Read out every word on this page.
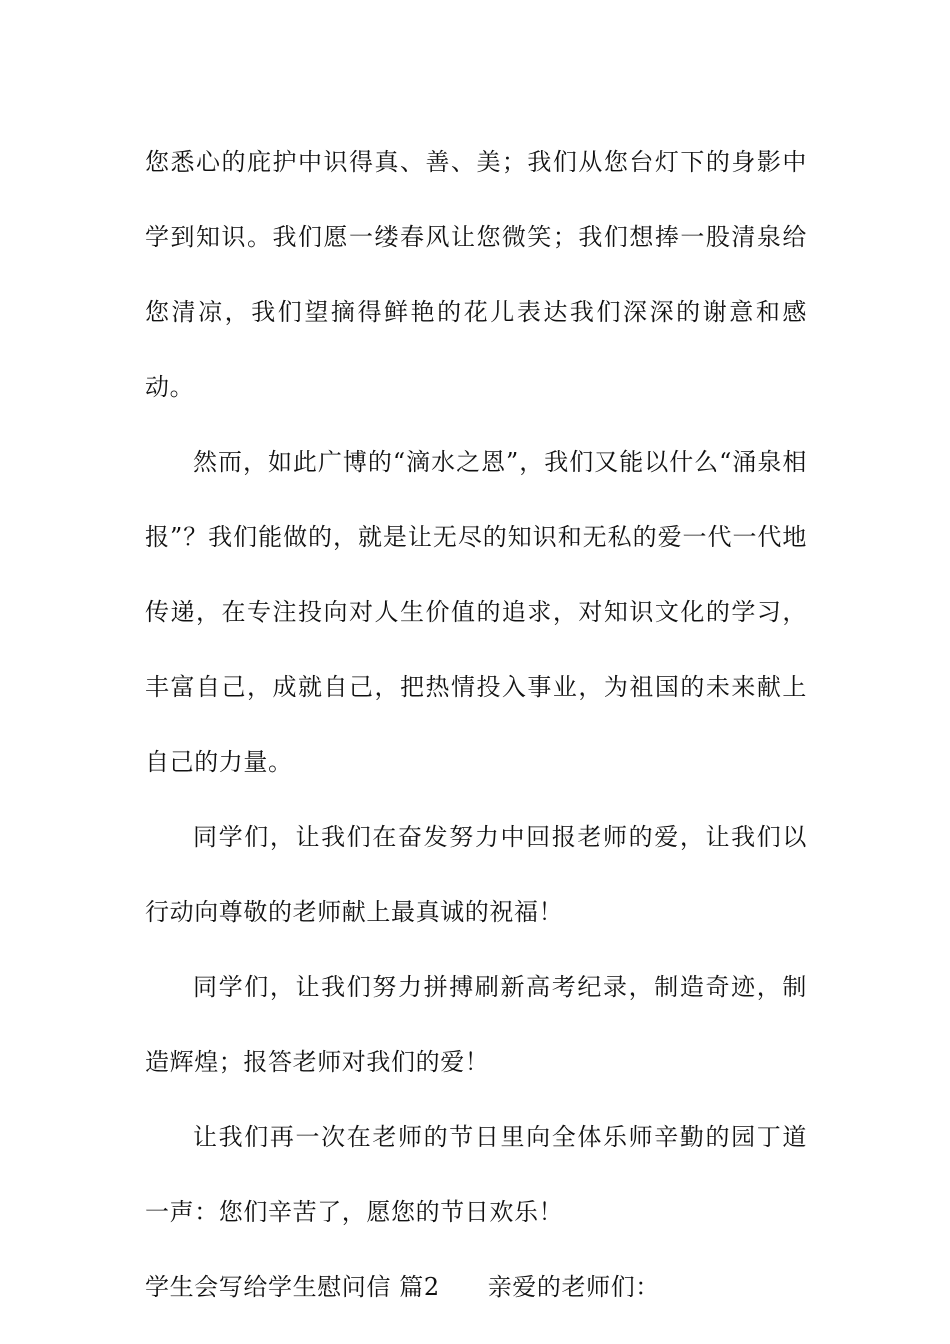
您悉心的庇护中识得真、善、美；我们从您台灯下的身影中学到知识。我们愿一缕春风让您微笑；我们想捧一股清泉给您清凉，我们望摘得鲜艳的花儿表达我们深深的谢意和感动。

然而，如此广博的“滴水之恩”，我们又能以什么“涌泉相报”？我们能做的，就是让无尽的知识和无私的爱一代一代地传递，在专注投向对人生价值的追求，对知识文化的学习，丰富自己，成就自己，把热情投入事业，为祖国的未来献上自己的力量。

同学们，让我们在奋发努力中回报老师的爱，让我们以行动向尊敬的老师献上最真诚的祝福！

同学们，让我们努力拼搏刷新高考纪录，制造奇迹，制造辉煌；报答老师对我们的爱！

让我们再一次在老师的节日里向全体乐师辛勤的园丁道一声：您们辛苦了，愿您的节日欢乐！

学生会写给学生慰问信 篇2 亲爱的老师们：
